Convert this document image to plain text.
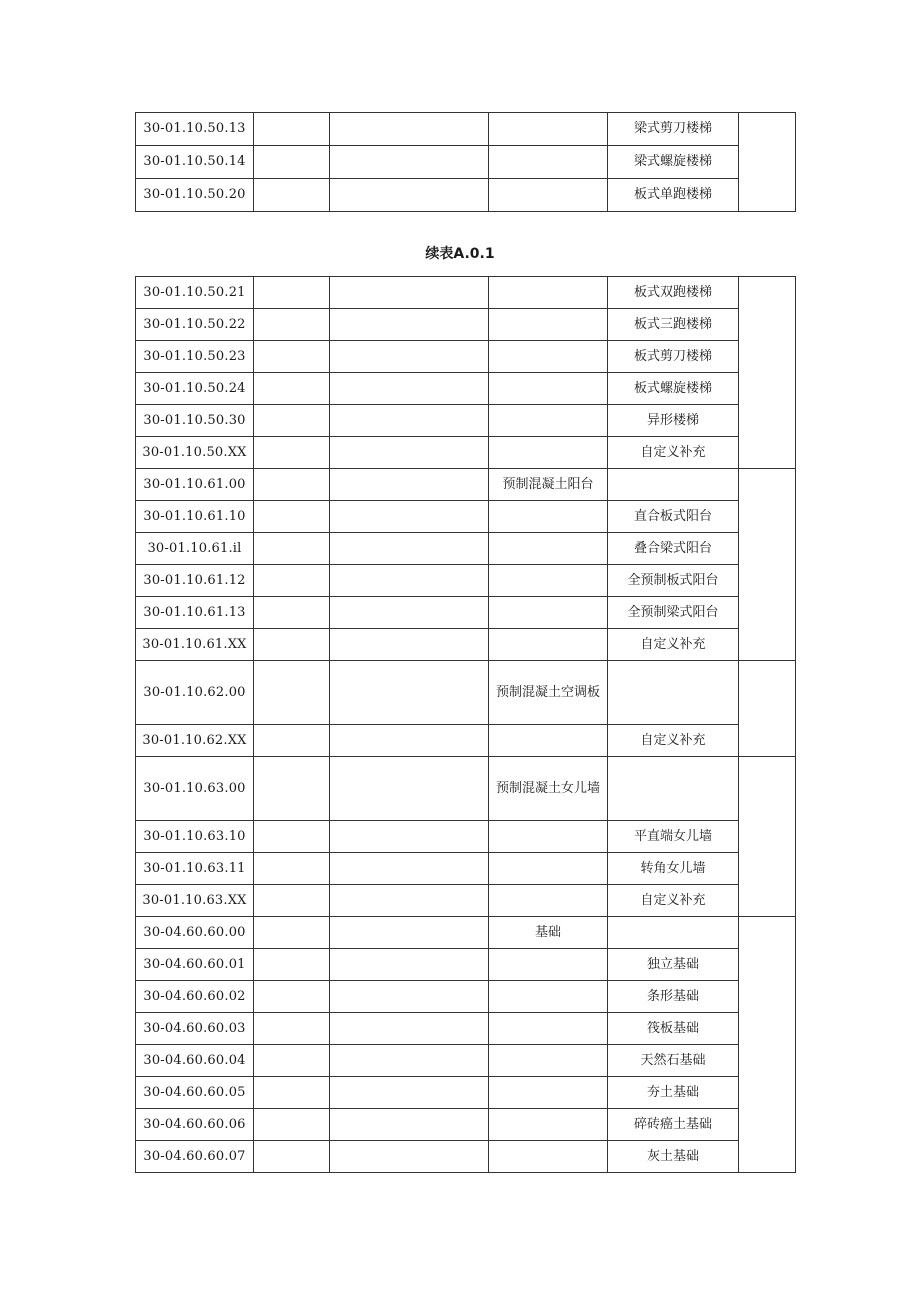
30-01.10.50.13				梁式剪刀楼梯	
30-01.10.50.14				梁式螺旋楼梯	
30-01.10.50.20				板式单跑楼梯	
续表A.0.1
30-01.10.50.21				板式双跑楼梯	
30-01.10.50.22				板式三跑楼梯	
30-01.10.50.23				板式剪刀楼梯	
30-01.10.50.24				板式螺旋楼梯	
30-01.10.50.30				异形楼梯	
30-01.10.50.XX				自定义补充	
30-01.10.61.00			预制混凝土阳台		
30-01.10.61.10				直合板式阳台	
30-01.10.61.il				叠合梁式阳台	
30-01.10.61.12				全预制板式阳台	
30-01.10.61.13				全预制梁式阳台	
30-01.10.61.XX				自定义补充	
30-01.10.62.00			预制混凝土空调板		
30-01.10.62.XX				自定义补充	
30-01.10.63.00			预制混凝土女儿墙		
30-01.10.63.10				平直端女儿墙	
30-01.10.63.11				转角女儿墙	
30-01.10.63.XX				自定义补充	
30-04.60.60.00			基础		
30-04.60.60.01				独立基础	
30-04.60.60.02				条形基础	
30-04.60.60.03				筏板基础	
30-04.60.60.04				天然石基础	
30-04.60.60.05				夯土基础	
30-04.60.60.06				碎砖癌土基础	
30-04.60.60.07				灰土基础	
